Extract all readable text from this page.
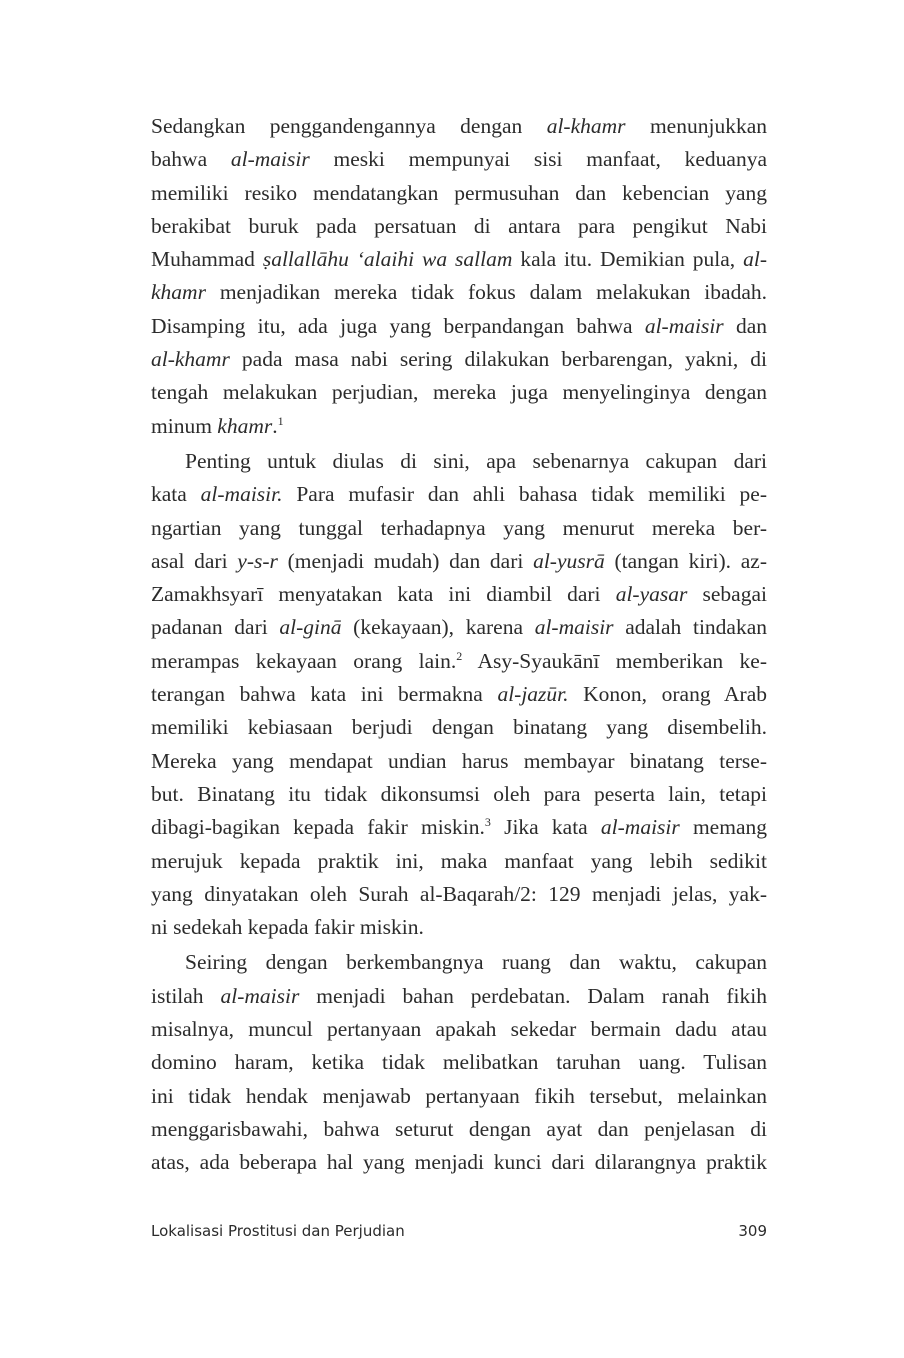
Sedangkan penggandengannya dengan al-khamr menunjukkan
bahwa al-maisir meski mempunyai sisi manfaat, keduanya
memiliki resiko mendatangkan permusuhan dan kebencian yang
berakibat buruk pada persatuan di antara para pengikut Nabi
Muhammad ṣallallāhu ‘alaihi wa sallam kala itu. Demikian pula, al-
khamr menjadikan mereka tidak fokus dalam melakukan ibadah.
Disamping itu, ada juga yang berpandangan bahwa al-maisir dan
al-khamr pada masa nabi sering dilakukan berbarengan, yakni, di
tengah melakukan perjudian, mereka juga menyelinginya dengan
minum khamr.$^1$

Penting untuk diulas di sini, apa sebenarnya cakupan dari
kata al-maisir. Para mufasir dan ahli bahasa tidak memiliki pe-
ngartian yang tunggal terhadapnya yang menurut mereka ber-
asal dari y-s-r (menjadi mudah) dan dari al-yusrā (tangan kiri). az-
Zamakhsyarī menyatakan kata ini diambil dari al-yasar sebagai
padanan dari al-ginā (kekayaan), karena al-maisir adalah tindakan
merampas kekayaan orang lain.$^2$ Asy-Syaukānī memberikan ke-
terangan bahwa kata ini bermakna al-jazūr. Konon, orang Arab
memiliki kebiasaan berjudi dengan binatang yang disembelih.
Mereka yang mendapat undian harus membayar binatang terse-
but. Binatang itu tidak dikonsumsi oleh para peserta lain, tetapi
dibagi-bagikan kepada fakir miskin.$^3$ Jika kata al-maisir memang
merujuk kepada praktik ini, maka manfaat yang lebih sedikit
yang dinyatakan oleh Surah al-Baqarah/2: 129 menjadi jelas, yak-
ni sedekah kepada fakir miskin.

Seiring dengan berkembangnya ruang dan waktu, cakupan
istilah al-maisir menjadi bahan perdebatan. Dalam ranah fikih
misalnya, muncul pertanyaan apakah sekedar bermain dadu atau
domino haram, ketika tidak melibatkan taruhan uang. Tulisan
ini tidak hendak menjawab pertanyaan fikih tersebut, melainkan
menggarisbawahi, bahwa seturut dengan ayat dan penjelasan di
atas, ada beberapa hal yang menjadi kunci dari dilarangnya praktik

Lokalisasi Prostitusi dan Perjudian	309
